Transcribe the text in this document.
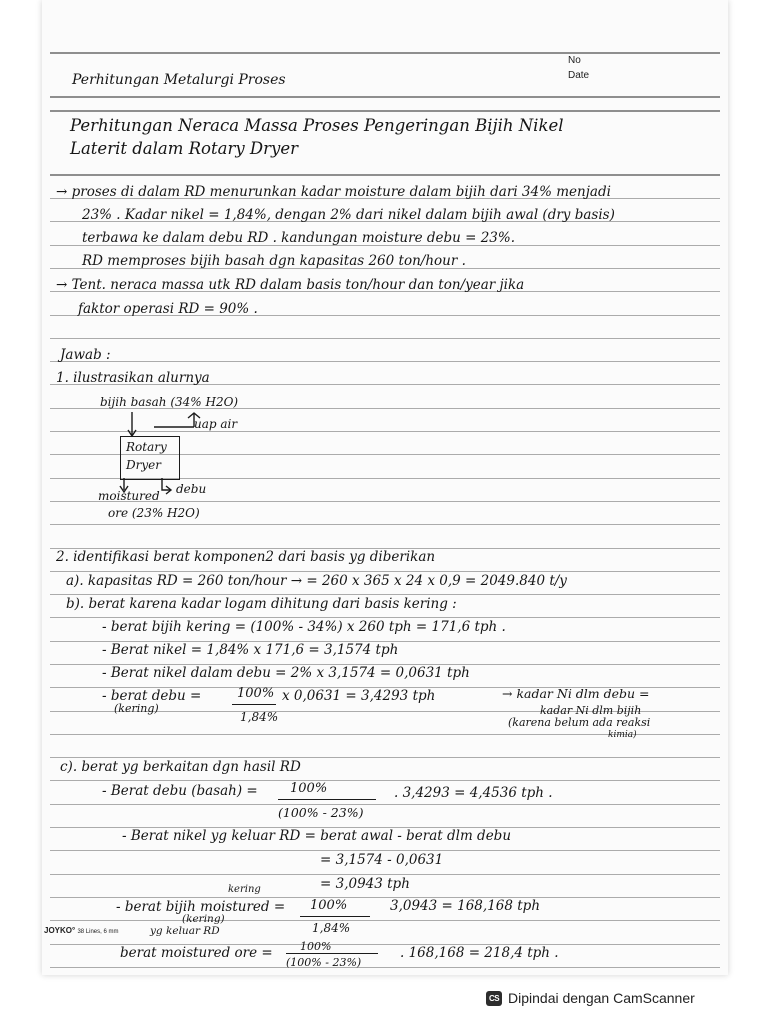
No
Date
Perhitungan Metalurgi Proses
Perhitungan Neraca Massa Proses Pengeringan Bijih Nikel
Laterit dalam Rotary Dryer
→ proses di dalam RD menurunkan kadar moisture dalam bijih dari 34% menjadi
23% . Kadar nikel = 1,84%, dengan 2% dari nikel dalam bijih awal (dry basis)
terbawa ke dalam debu RD . kandungan moisture debu = 23%.
RD memproses bijih basah dgn kapasitas 260 ton/hour .
→ Tent. neraca massa utk RD dalam basis ton/hour dan ton/year jika
faktor operasi RD = 90% .
Jawab :
1. ilustrasikan alurnya
bijih basah (34% H2O)
uap air
Rotary
Dryer
debu
moistured
ore (23% H2O)
2. identifikasi berat komponen2 dari basis yg diberikan
a). kapasitas RD = 260 ton/hour → = 260 x 365 x 24 x 0,9 = 2049.840 t/y
b). berat karena kadar logam dihitung dari basis kering :
- berat bijih kering = (100% - 34%) x 260 tph = 171,6 tph .
- Berat nikel = 1,84% x 171,6 = 3,1574 tph
- Berat nikel dalam debu = 2% x 3,1574 = 0,0631 tph
- berat debu =
(kering)
100%
1,84%
x 0,0631 = 3,4293 tph	→ kadar Ni dlm debu =
kadar Ni dlm bijih
(karena belum ada reaksi
kimia)
c). berat yg berkaitan dgn hasil RD
- Berat debu (basah) = 100%
(100% - 23%)
. 3,4293 = 4,4536 tph .
- Berat nikel yg keluar RD = berat awal - berat dlm debu
= 3,1574 - 0,0631
= 3,0943 tph
- berat bijih moistured =
kering
(kering)
yg keluar RD
100%
1,84%
3,0943 = 168,168 tph
berat moistured ore = 100%
(100% - 23%)
. 168,168 = 218,4 tph .
JOYKO° 38 Lines, 6 mm
CS Dipindai dengan CamScanner
